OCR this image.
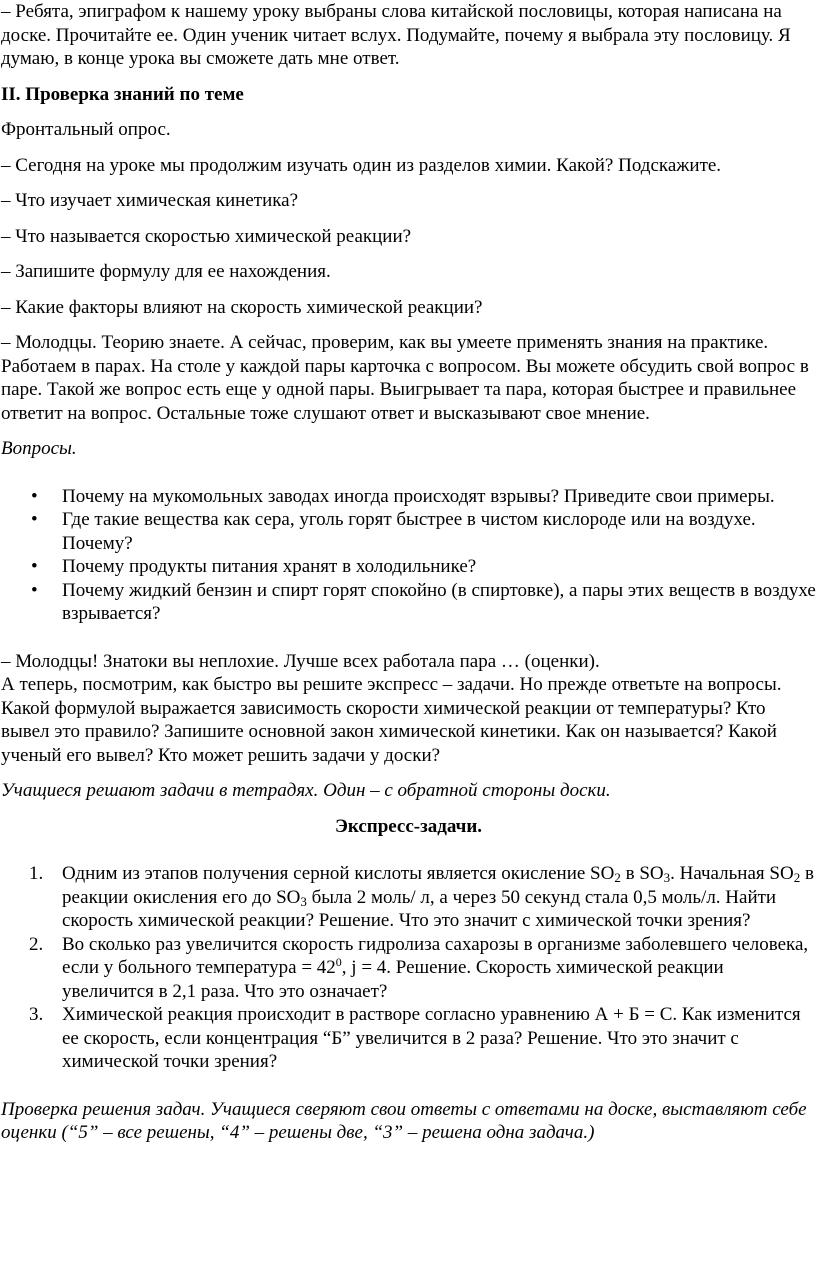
– Ребята, эпиграфом к нашему уроку выбраны слова китайской пословицы, которая написана на доске. Прочитайте ее. Один ученик читает вслух. Подумайте, почему я выбрала эту пословицу. Я думаю, в конце урока вы сможете дать мне ответ.

II. Проверка знаний по теме

Фронтальный опрос.

– Сегодня на уроке мы продолжим изучать один из разделов химии. Какой? Подскажите.

– Что изучает химическая кинетика?

– Что называется скоростью химической реакции?

– Запишите формулу для ее нахождения.

– Какие факторы влияют на скорость химической реакции?

– Молодцы. Теорию знаете. А сейчас, проверим, как вы умеете применять знания на практике. Работаем в парах. На столе у каждой пары карточка с вопросом. Вы можете обсудить свой вопрос в паре. Такой же вопрос есть еще у одной пары. Выигрывает та пара, которая быстрее и правильнее ответит на вопрос. Остальные тоже слушают ответ и высказывают свое мнение.

Вопросы.

• Почему на мукомольных заводах иногда происходят взрывы? Приведите свои примеры.
• Где такие вещества как сера, уголь горят быстрее в чистом кислороде или на воздухе. Почему?
• Почему продукты питания хранят в холодильнике?
• Почему жидкий бензин и спирт горят спокойно (в спиртовке), а пары этих веществ в воздухе взрывается?

– Молодцы! Знатоки вы неплохие. Лучше всех работала пара … (оценки).

А теперь, посмотрим, как быстро вы решите экспресс – задачи. Но прежде ответьте на вопросы. Какой формулой выражается зависимость скорости химической реакции от температуры? Кто вывел это правило? Запишите основной закон химической кинетики. Как он называется? Какой ученый его вывел? Кто может решить задачи у доски?

Учащиеся решают задачи в тетрадях. Один – с обратной стороны доски.

Экспресс-задачи.

1. Одним из этапов получения серной кислоты является окисление $SO_2$ в $SO_3$. Начальная $SO_2$ в реакции окисления его до $SO_3$ была 2 моль/ л, а через 50 секунд стала 0,5 моль/л. Найти скорость химической реакции? Решение. Что это значит с химической точки зрения?
2. Во сколько раз увеличится скорость гидролиза сахарозы в организме заболевшего человека, если у больного температура = $42^0$, j = 4. Решение. Скорость химической реакции увеличится в 2,1 раза. Что это означает?
3. Химической реакция происходит в растворе согласно уравнению А + Б = С. Как изменится ее скорость, если концентрация “Б” увеличится в 2 раза? Решение. Что это значит с химической точки зрения?

Проверка решения задач. Учащиеся сверяют свои ответы с ответами на доске, выставляют себе оценки (“5” – все решены, “4” – решены две, “3” – решена одна задача.)
